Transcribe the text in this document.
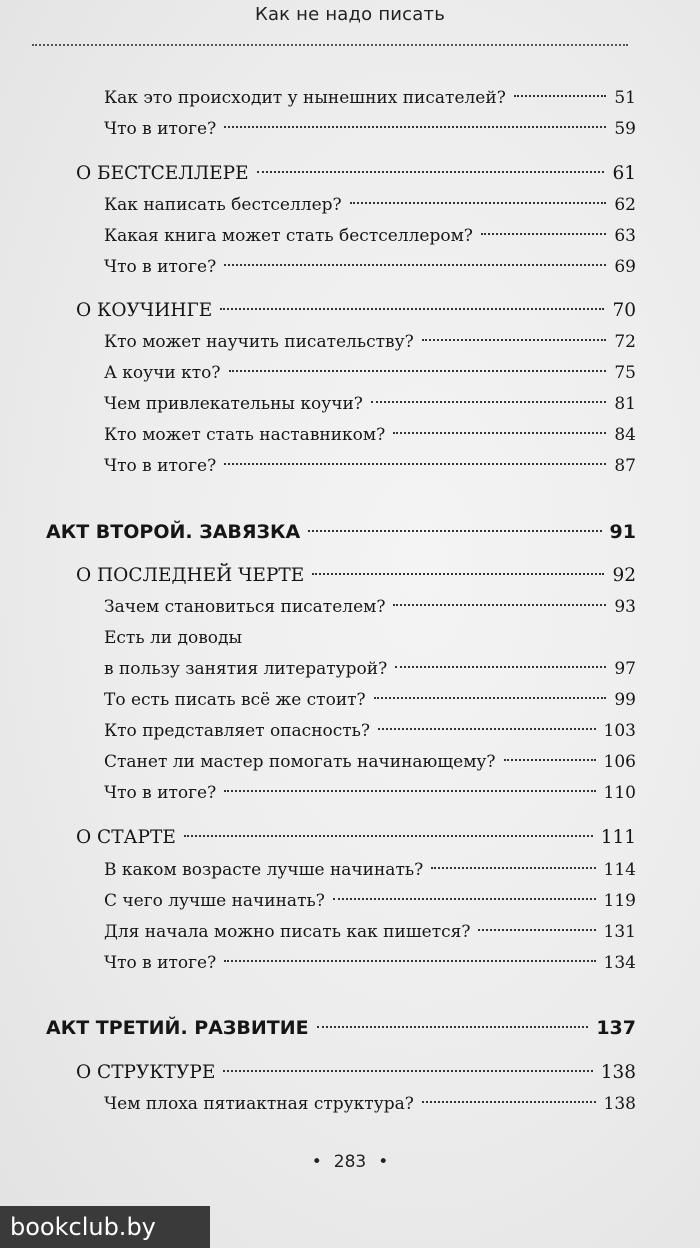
Как не надо писать
Как это происходит у нынешних писателей?	51
Что в итоге?	59
О БЕСТСЕЛЛЕРЕ	61
Как написать бестселлер?	62
Какая книга может стать бестселлером?	63
Что в итоге?	69
О КОУЧИНГЕ	70
Кто может научить писательству?	72
А коучи кто?	75
Чем привлекательны коучи?	81
Кто может стать наставником?	84
Что в итоге?	87
АКТ ВТОРОЙ. ЗАВЯЗКА	91
О ПОСЛЕДНЕЙ ЧЕРТЕ	92
Зачем становиться писателем?	93
Есть ли доводы
в пользу занятия литературой?	97
То есть писать всё же стоит?	99
Кто представляет опасность?	103
Станет ли мастер помогать начинающему?	106
Что в итоге?	110
О СТАРТЕ	111
В каком возрасте лучше начинать?	114
С чего лучше начинать?	119
Для начала можно писать как пишется?	131
Что в итоге?	134
АКТ ТРЕТИЙ. РАЗВИТИЕ	137
О СТРУКТУРЕ	138
Чем плоха пятиактная структура?	138
• 283 •
bookclub.by
